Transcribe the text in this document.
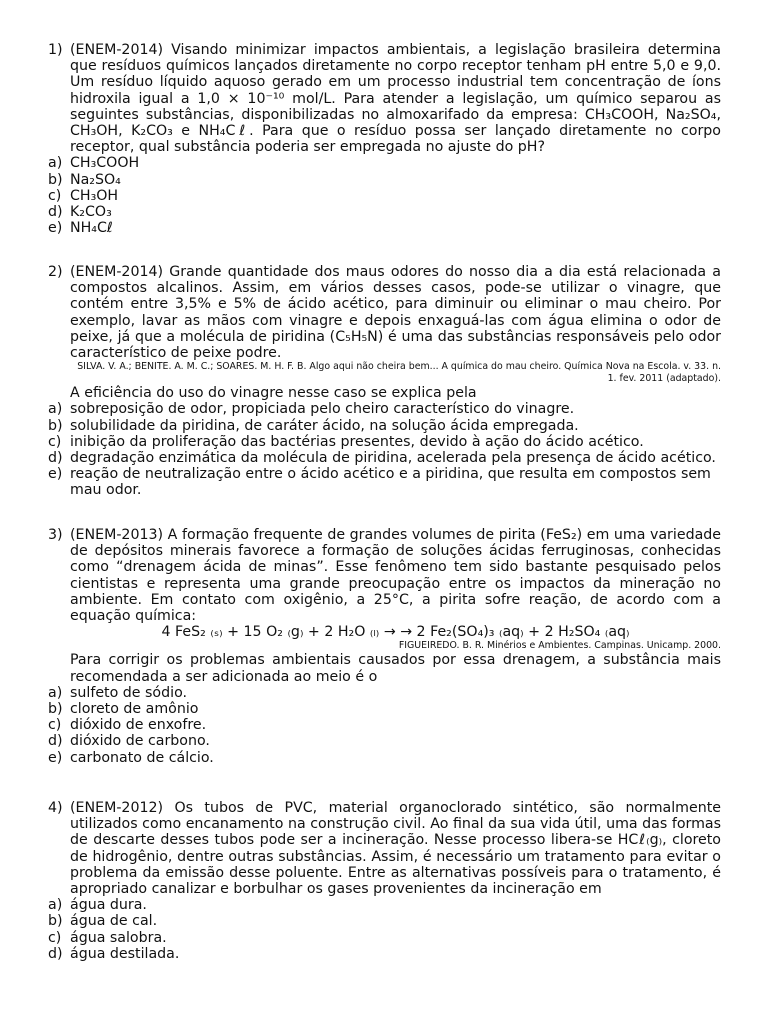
1) (ENEM-2014) Visando minimizar impactos ambientais, a legislação brasileira determina que resíduos químicos lançados diretamente no corpo receptor tenham pH entre 5,0 e 9,0. Um resíduo líquido aquoso gerado em um processo industrial tem concentração de íons hidroxila igual a 1,0 × 10⁻¹⁰ mol/L. Para atender a legislação, um químico separou as seguintes substâncias, disponibilizadas no almoxarifado da empresa: CH₃COOH, Na₂SO₄, CH₃OH, K₂CO₃ e NH₄Cℓ. Para que o resíduo possa ser lançado diretamente no corpo receptor, qual substância poderia ser empregada no ajuste do pH?
a) CH₃COOH
b) Na₂SO₄
c) CH₃OH
d) K₂CO₃
e) NH₄Cℓ
2) (ENEM-2014) Grande quantidade dos maus odores do nosso dia a dia está relacionada a compostos alcalinos. Assim, em vários desses casos, pode-se utilizar o vinagre, que contém entre 3,5% e 5% de ácido acético, para diminuir ou eliminar o mau cheiro. Por exemplo, lavar as mãos com vinagre e depois enxaguá-las com água elimina o odor de peixe, já que a molécula de piridina (C₅H₅N) é uma das substâncias responsáveis pelo odor característico de peixe podre.
SILVA. V. A.; BENITE. A. M. C.; SOARES. M. H. F. B. Algo aqui não cheira bem... A química do mau cheiro. Química Nova na Escola. v. 33. n. 1. fev. 2011 (adaptado).
A eficiência do uso do vinagre nesse caso se explica pela
a) sobreposição de odor, propiciada pelo cheiro característico do vinagre.
b) solubilidade da piridina, de caráter ácido, na solução ácida empregada.
c) inibição da proliferação das bactérias presentes, devido à ação do ácido acético.
d) degradação enzimática da molécula de piridina, acelerada pela presença de ácido acético.
e) reação de neutralização entre o ácido acético e a piridina, que resulta em compostos sem mau odor.
3) (ENEM-2013) A formação frequente de grandes volumes de pirita (FeS₂) em uma variedade de depósitos minerais favorece a formação de soluções ácidas ferruginosas, conhecidas como “drenagem ácida de minas”. Esse fenômeno tem sido bastante pesquisado pelos cientistas e representa uma grande preocupação entre os impactos da mineração no ambiente. Em contato com oxigênio, a 25°C, a pirita sofre reação, de acordo com a equação química:
4 FeS₂ ₍ₛ₎ + 15 O₂ ₍g₎ + 2 H₂O ₍ₗ₎ → → 2 Fe₂(SO₄)₃ ₍aq₎ + 2 H₂SO₄ ₍aq₎
FIGUEIREDO. B. R. Minérios e Ambientes. Campinas. Unicamp. 2000.
Para corrigir os problemas ambientais causados por essa drenagem, a substância mais recomendada a ser adicionada ao meio é o
a) sulfeto de sódio.
b) cloreto de amônio
c) dióxido de enxofre.
d) dióxido de carbono.
e) carbonato de cálcio.
4) (ENEM-2012) Os tubos de PVC, material organoclorado sintético, são normalmente utilizados como encanamento na construção civil. Ao final da sua vida útil, uma das formas de descarte desses tubos pode ser a incineração. Nesse processo libera-se HCℓ₍g₎, cloreto de hidrogênio, dentre outras substâncias. Assim, é necessário um tratamento para evitar o problema da emissão desse poluente. Entre as alternativas possíveis para o tratamento, é apropriado canalizar e borbulhar os gases provenientes da incineração em
a) água dura.
b) água de cal.
c) água salobra.
d) água destilada.
